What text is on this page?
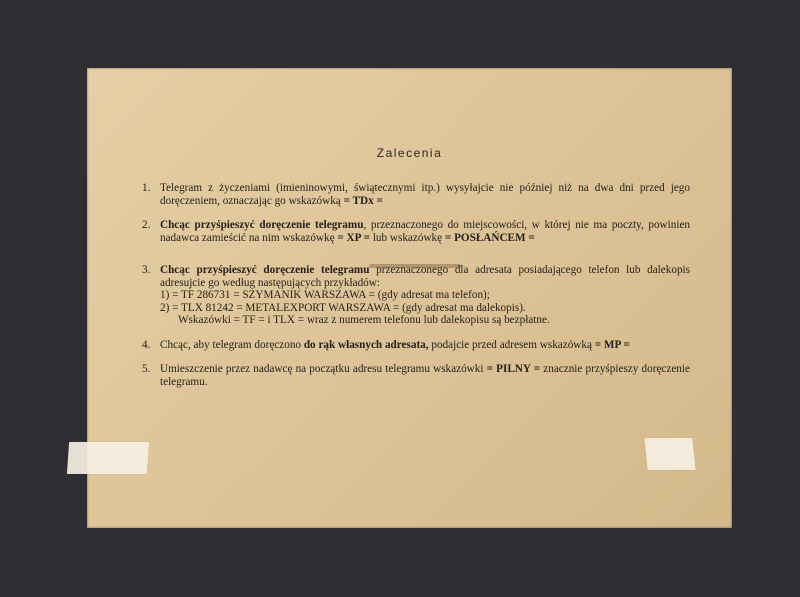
Zalecenia
1. Telegram z życzeniami (imieninowymi, świątecznymi itp.) wysyłajcie nie później niż na dwa dni przed jego doręczeniem, oznaczając go wskazówką = TDx =
2. Chcąc przyśpieszyć doręczenie telegramu, przeznaczonego do miejscowości, w której nie ma poczty, powinien nadawca zamieścić na nim wskazówkę = XP = lub wskazówkę = POSŁAŃCEM =
3. Chcąc przyśpieszyć doręczenie telegramu przeznaczonego dla adresata posiadającego telefon lub dalekopis adresujcie go według następujących przykładów:
1) = TF 286731 = SZYMANIK WARSZAWA = (gdy adresat ma telefon);
2) = TLX 81242 = METALEXPORT WARSZAWA = (gdy adresat ma dalekopis).
Wskazówki = TF = i TLX = wraz z numerem telefonu lub dalekopisu są bezpłatne.
4. Chcąc, aby telegram doręczono do rąk własnych adresata, podajcie przed adresem wskazówką = MP =
5. Umieszczenie przez nadawcę na początku adresu telegramu wskazówki = PILNY = znacznie przyśpieszy doręczenie telegramu.
